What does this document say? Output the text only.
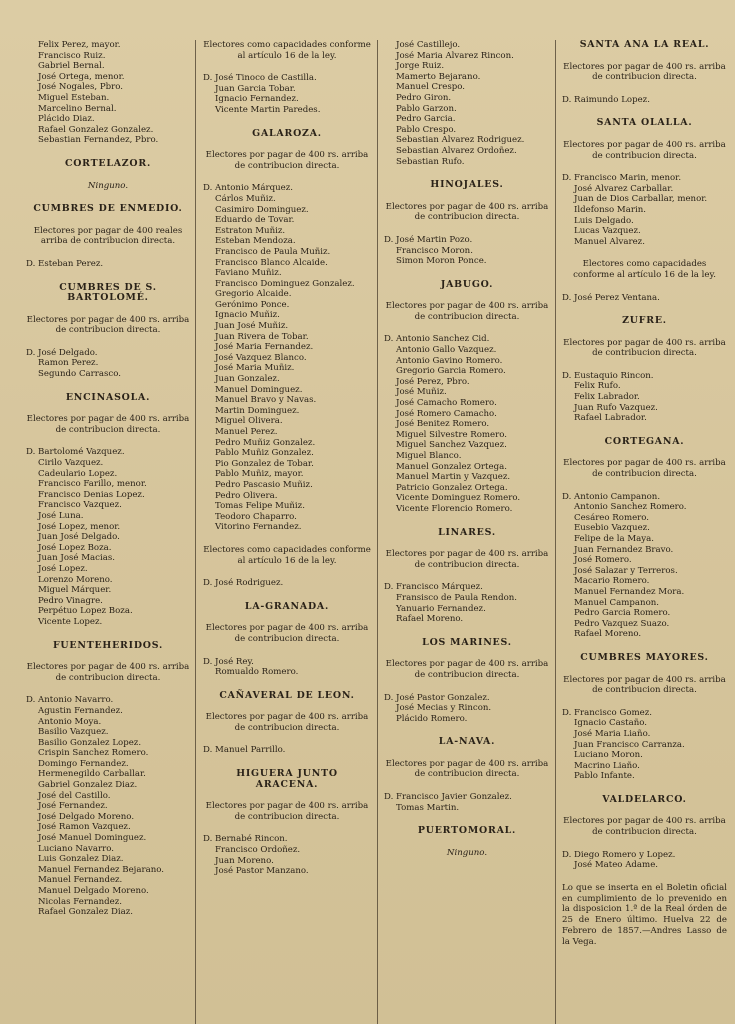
Felix Perez, mayor.
Francisco Ruiz.
Gabriel Bernal.
José Ortega, menor.
José Nogales, Pbro.
Miguel Esteban.
Marcelino Bernal.
Plácido Diaz.
Rafael Gonzalez Gonzalez.
Sebastian Fernandez, Pbro.
CORTELAZOR.
Ninguno.
CUMBRES DE ENMEDIO.
Electores por pagar de 400 reales arriba de contribucion directa.
D. Esteban Perez.
CUMBRES DE S. BARTOLOMÉ.
Electores por pagar de 400 rs. arriba de contribucion directa.
D. José Delgado.
Ramon Perez.
Segundo Carrasco.
ENCINASOLA.
Electores por pagar de 400 rs. arriba de contribucion directa.
D. Bartolomé Vazquez.
Cirilo Vazquez.
Cadeulario Lopez.
Francisco Farillo, menor.
Francisco Denias Lopez.
Francisco Vazquez.
José Luna.
José Lopez, menor.
Juan José Delgado.
José Lopez Boza.
Juan José Macias.
José Lopez.
Lorenzo Moreno.
Miguel Márquer.
Pedro Vinagre.
Perpétuo Lopez Boza.
Vicente Lopez.
FUENTEHERIDOS.
Electores por pagar de 400 rs. arriba de contribucion directa.
D. Antonio Navarro.
Agustin Fernandez.
Antonio Moya.
Basilio Vazquez.
Basilio Gonzalez Lopez.
Crispin Sanchez Romero.
Domingo Fernandez.
Hermenegildo Carballar.
Gabriel Gonzalez Diaz.
José del Castillo.
José Fernandez.
José Delgado Moreno.
José Ramon Vazquez.
José Manuel Dominguez.
Luciano Navarro.
Luis Gonzalez Diaz.
Manuel Fernandez Bejarano.
Manuel Fernandez.
Manuel Delgado Moreno.
Nicolas Fernandez.
Rafael Gonzalez Diaz.
Electores como capacidades conforme al artículo 16 de la ley.
D. José Tinoco de Castilla.
Juan Garcia Tobar.
Ignacio Fernandez.
Vicente Martin Paredes.
GALAROZA.
Electores por pagar de 400 rs. arriba de contribucion directa.
D. Antonio Márquez.
Cárlos Muñiz.
Casimiro Dominguez.
Eduardo de Tovar.
Estraton Muñiz.
Esteban Mendoza.
Francisco de Paula Muñiz.
Francisco Blanco Alcaide.
Faviano Muñiz.
Francisco Dominguez Gonzalez.
Gregorio Alcaide.
Gerónimo Ponce.
Ignacio Muñiz.
Juan José Muñiz.
Juan Rivera de Tobar.
José Maria Fernandez.
José Vazquez Blanco.
José Maria Muñiz.
Juan Gonzalez.
Manuel Dominguez.
Manuel Bravo y Navas.
Martin Dominguez.
Miguel Olivera.
Manuel Perez.
Pedro Muñiz Gonzalez.
Pablo Muñiz Gonzalez.
Pio Gonzalez de Tobar.
Pablo Muñiz, mayor.
Pedro Pascasio Muñiz.
Pedro Olivera.
Tomas Felipe Muñiz.
Teodoro Chaparro.
Vitorino Fernandez.
Electores como capacidades conforme al artículo 16 de la ley.
D. José Rodriguez.
LA-GRANADA.
Electores por pagar de 400 rs. arriba de contribucion directa.
D. José Rey.
Romualdo Romero.
CAÑAVERAL DE LEON.
Electores por pagar de 400 rs. arriba de contribucion directa.
D. Manuel Parrillo.
HIGUERA JUNTO ARACENA.
Electores por pagar de 400 rs. arriba de contribucion directa.
D. Bernabé Rincon.
Francisco Ordoñez.
Juan Moreno.
José Pastor Manzano.
José Castillejo.
José Maria Alvarez Rincon.
Jorge Ruiz.
Mamerto Bejarano.
Manuel Crespo.
Pedro Giron.
Pablo Garzon.
Pedro Garcia.
Pablo Crespo.
Sebastian Alvarez Rodriguez.
Sebastian Alvarez Ordoñez.
Sebastian Rufo.
HINOJALES.
Electores por pagar de 400 rs. arriba de contribucion directa.
D. José Martin Pozo.
Francisco Moron.
Simon Moron Ponce.
JABUGO.
Electores por pagar de 400 rs. arriba de contribucion directa.
D. Antonio Sanchez Cid.
Antonio Gallo Vazquez.
Antonio Gavino Romero.
Gregorio Garcia Romero.
José Perez, Pbro.
José Muñiz.
José Camacho Romero.
José Romero Camacho.
José Benitez Romero.
Miguel Silvestre Romero.
Miguel Sanchez Vazquez.
Miguel Blanco.
Manuel Gonzalez Ortega.
Manuel Martin y Vazquez.
Patricio Gonzalez Ortega.
Vicente Dominguez Romero.
Vicente Florencio Romero.
LINARES.
Electores por pagar de 400 rs. arriba de contribucion directa.
D. Francisco Márquez.
Fransisco de Paula Rendon.
Yanuario Fernandez.
Rafael Moreno.
LOS MARINES.
Electores por pagar de 400 rs. arriba de contribucion directa.
D. José Pastor Gonzalez.
José Mecias y Rincon.
Plácido Romero.
LA-NAVA.
Electores por pagar de 400 rs. arriba de contribucion directa.
D. Francisco Javier Gonzalez.
Tomas Martin.
PUERTOMORAL.
Ninguno.
SANTA ANA LA REAL.
Electores por pagar de 400 rs. arriba de contribucion directa.
D. Raimundo Lopez.
SANTA OLALLA.
Electores por pagar de 400 rs. arriba de contribucion directa.
D. Francisco Marin, menor.
José Alvarez Carballar.
Juan de Dios Carballar, menor.
Ildefonso Marin.
Luis Delgado.
Lucas Vazquez.
Manuel Alvarez.
Electores como capacidades conforme al artículo 16 de la ley.
D. José Perez Ventana.
ZUFRE.
Electores por pagar de 400 rs. arriba de contribucion directa.
D. Eustaquio Rincon.
Felix Rufo.
Felix Labrador.
Juan Rufo Vazquez.
Rafael Labrador.
CORTEGANA.
Electores por pagar de 400 rs. arriba de contribucion directa.
D. Antonio Campanon.
Antonio Sanchez Romero.
Cesáreo Romero.
Eusebio Vazquez.
Felipe de la Maya.
Juan Fernandez Bravo.
José Romero.
José Salazar y Terreros.
Macario Romero.
Manuel Fernandez Mora.
Manuel Campanon.
Pedro Garcia Romero.
Pedro Vazquez Suazo.
Rafael Moreno.
CUMBRES MAYORES.
Electores por pagar de 400 rs. arriba de contribucion directa.
D. Francisco Gomez.
Ignacio Castaño.
José Maria Liaño.
Juan Francisco Carranza.
Luciano Moron.
Macrino Liaño.
Pablo Infante.
VALDELARCO.
Electores por pagar de 400 rs. arriba de contribucion directa.
D. Diego Romero y Lopez.
José Mateo Adame.
Lo que se inserta en el Boletin oficial en cumplimiento de lo prevenido en la disposicion 1.ª de la Real órden de 25 de Enero último. Huelva 22 de Febrero de 1857.—Andres Lasso de la Vega.
